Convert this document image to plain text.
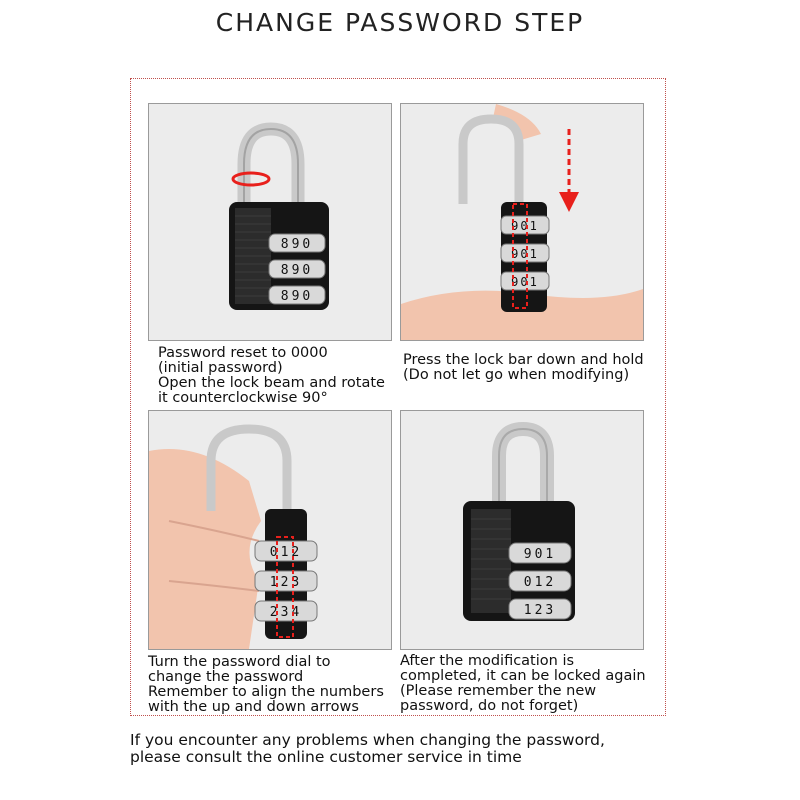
CHANGE PASSWORD STEP
890
890
890
901
901
901
012
123
234
901
012
123
Password reset to 0000
(initial password)
Open the lock beam and rotate
it counterclockwise 90°
Press the lock bar down and hold
(Do not let go when modifying)
Turn the password dial to
change the password
Remember to align the numbers
with the up and down arrows
After the modification is
completed, it can be locked again
(Please remember the new
password, do not forget)
If you encounter any problems when changing the password,
please consult the online customer service in time
